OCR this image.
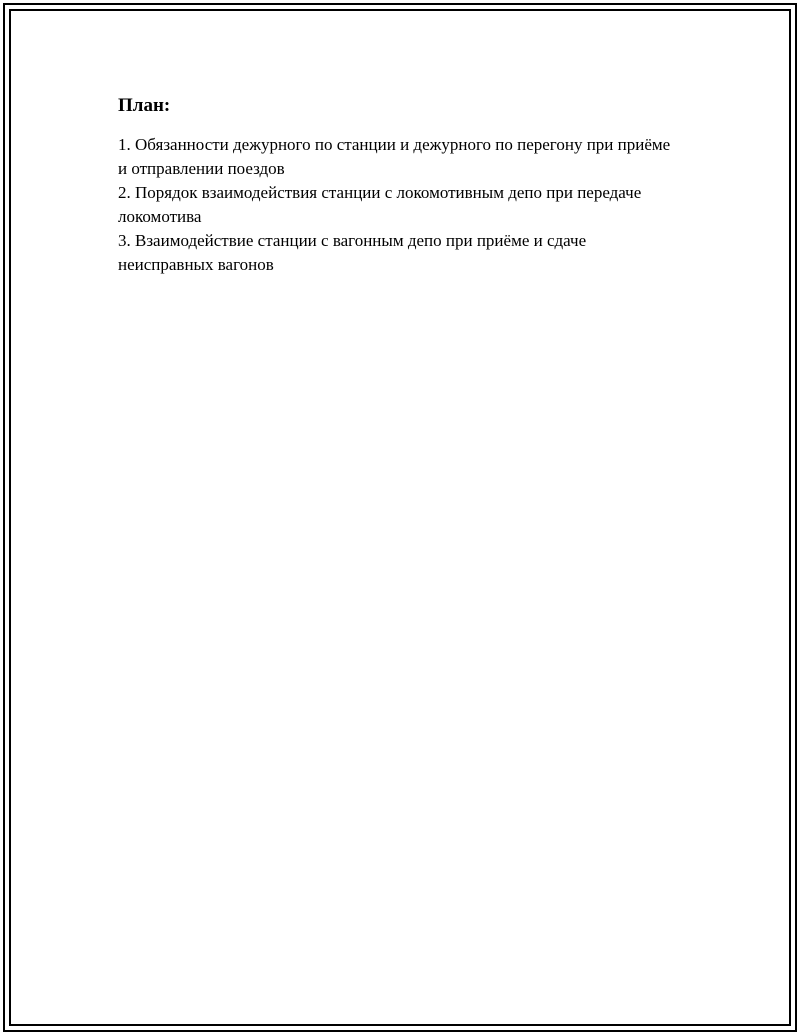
План:

1. Обязанности дежурного по станции и дежурного по перегону при приёме и отправлении поездов

2. Порядок взаимодействия станции с локомотивным депо при передаче локомотива

3. Взаимодействие станции с вагонным депо при приёме и сдаче неисправных вагонов
